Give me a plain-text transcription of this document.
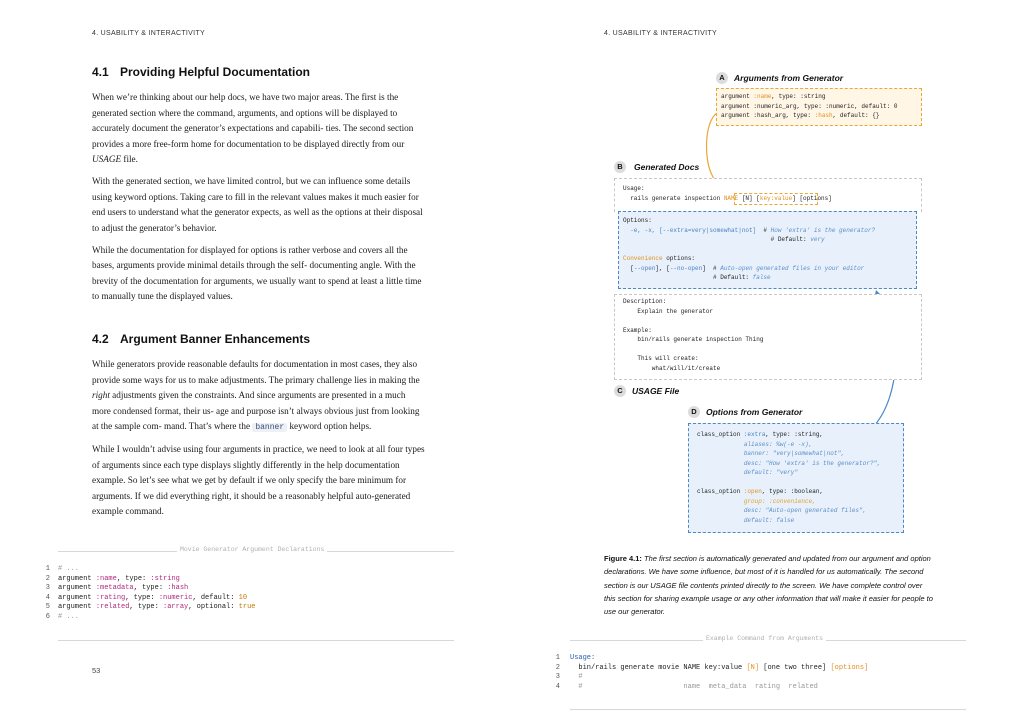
4. USABILITY & INTERACTIVITY
4.1 Providing Helpful Documentation

When we’re thinking about our help docs, we have two major areas. The first is the generated section where the command, arguments, and options will be displayed to accurately document the generator’s expectations and capabili- ties. The second section provides a more free-form home for documentation to be displayed directly from our USAGE file.

With the generated section, we have limited control, but we can influence some details using keyword options. Taking care to fill in the relevant values makes it much easier for end users to understand what the generator expects, as well as the options at their disposal to adjust the generator’s behavior.

While the documentation for displayed for options is rather verbose and covers all the bases, arguments provide minimal details through the self- documenting angle. With the brevity of the documentation for arguments, we usually want to spend at least a little time to manually tune the displayed values.

4.2 Argument Banner Enhancements

While generators provide reasonable defaults for documentation in most cases, they also provide some ways for us to make adjustments. The primary challenge lies in making the right adjustments given the constraints. And since arguments are presented in a much more condensed format, their us- age and purpose isn’t always obvious just from looking at the sample com- mand. That’s where the banner keyword option helps.

While I wouldn’t advise using four arguments in practice, we need to look at all four types of arguments since each type displays slightly differently in the help documentation example. So let’s see what we get by default if we only specify the bare minimum for arguments. If we did everything right, it should be a reasonably helpful auto-generated example command.

Movie Generator Argument Declarations
1
2
3
4
5
6
# ...
argument :name, type: :string
argument :metadata, type: :hash
argument :rating, type: :numeric, default: 10
argument :related, type: :array, optional: true
# ...
53
4. USABILITY & INTERACTIVITY
A	Arguments from Generator
argument :name, type: :string
argument :numeric_arg, type: :numeric, default: 0
argument :hash_arg, type: :hash, default: {}
B	Generated Docs
Usage:
rails generate inspection NAME [N] [key:value] [options]
Options:
-e, -x, [--extra=very|somewhat|not]  # How 'extra' is the generator?
# Default: very

Convenience options:
[--open], [--no-open]  # Auto-open generated files in your editor
# Default: false
Description:
Explain the generator

Example:
bin/rails generate inspection Thing

This will create:
what/will/it/create
C	USAGE File
D	Options from Generator
class_option :extra, type: :string,
aliases: %w(-e -x),
banner: "very|somewhat|not",
desc: "How 'extra' is the generator?",
default: "very"

class_option :open, type: :boolean,
group: :convenience,
desc: "Auto-open generated files",
default: false
Figure 4.1: The first section is automatically generated and updated from our argument and option declarations. We have some influence, but most of it is handled for us automatically. The second section is our USAGE file contents printed directly to the screen. We have complete control over this section for sharing example usage or any other information that will make it easier for people to use our generator.
Example Command from Arguments
1
2
3
4
Usage:
bin/rails generate movie NAME key:value [N] [one two three] [options]
#
#                        name  meta_data  rating  related
